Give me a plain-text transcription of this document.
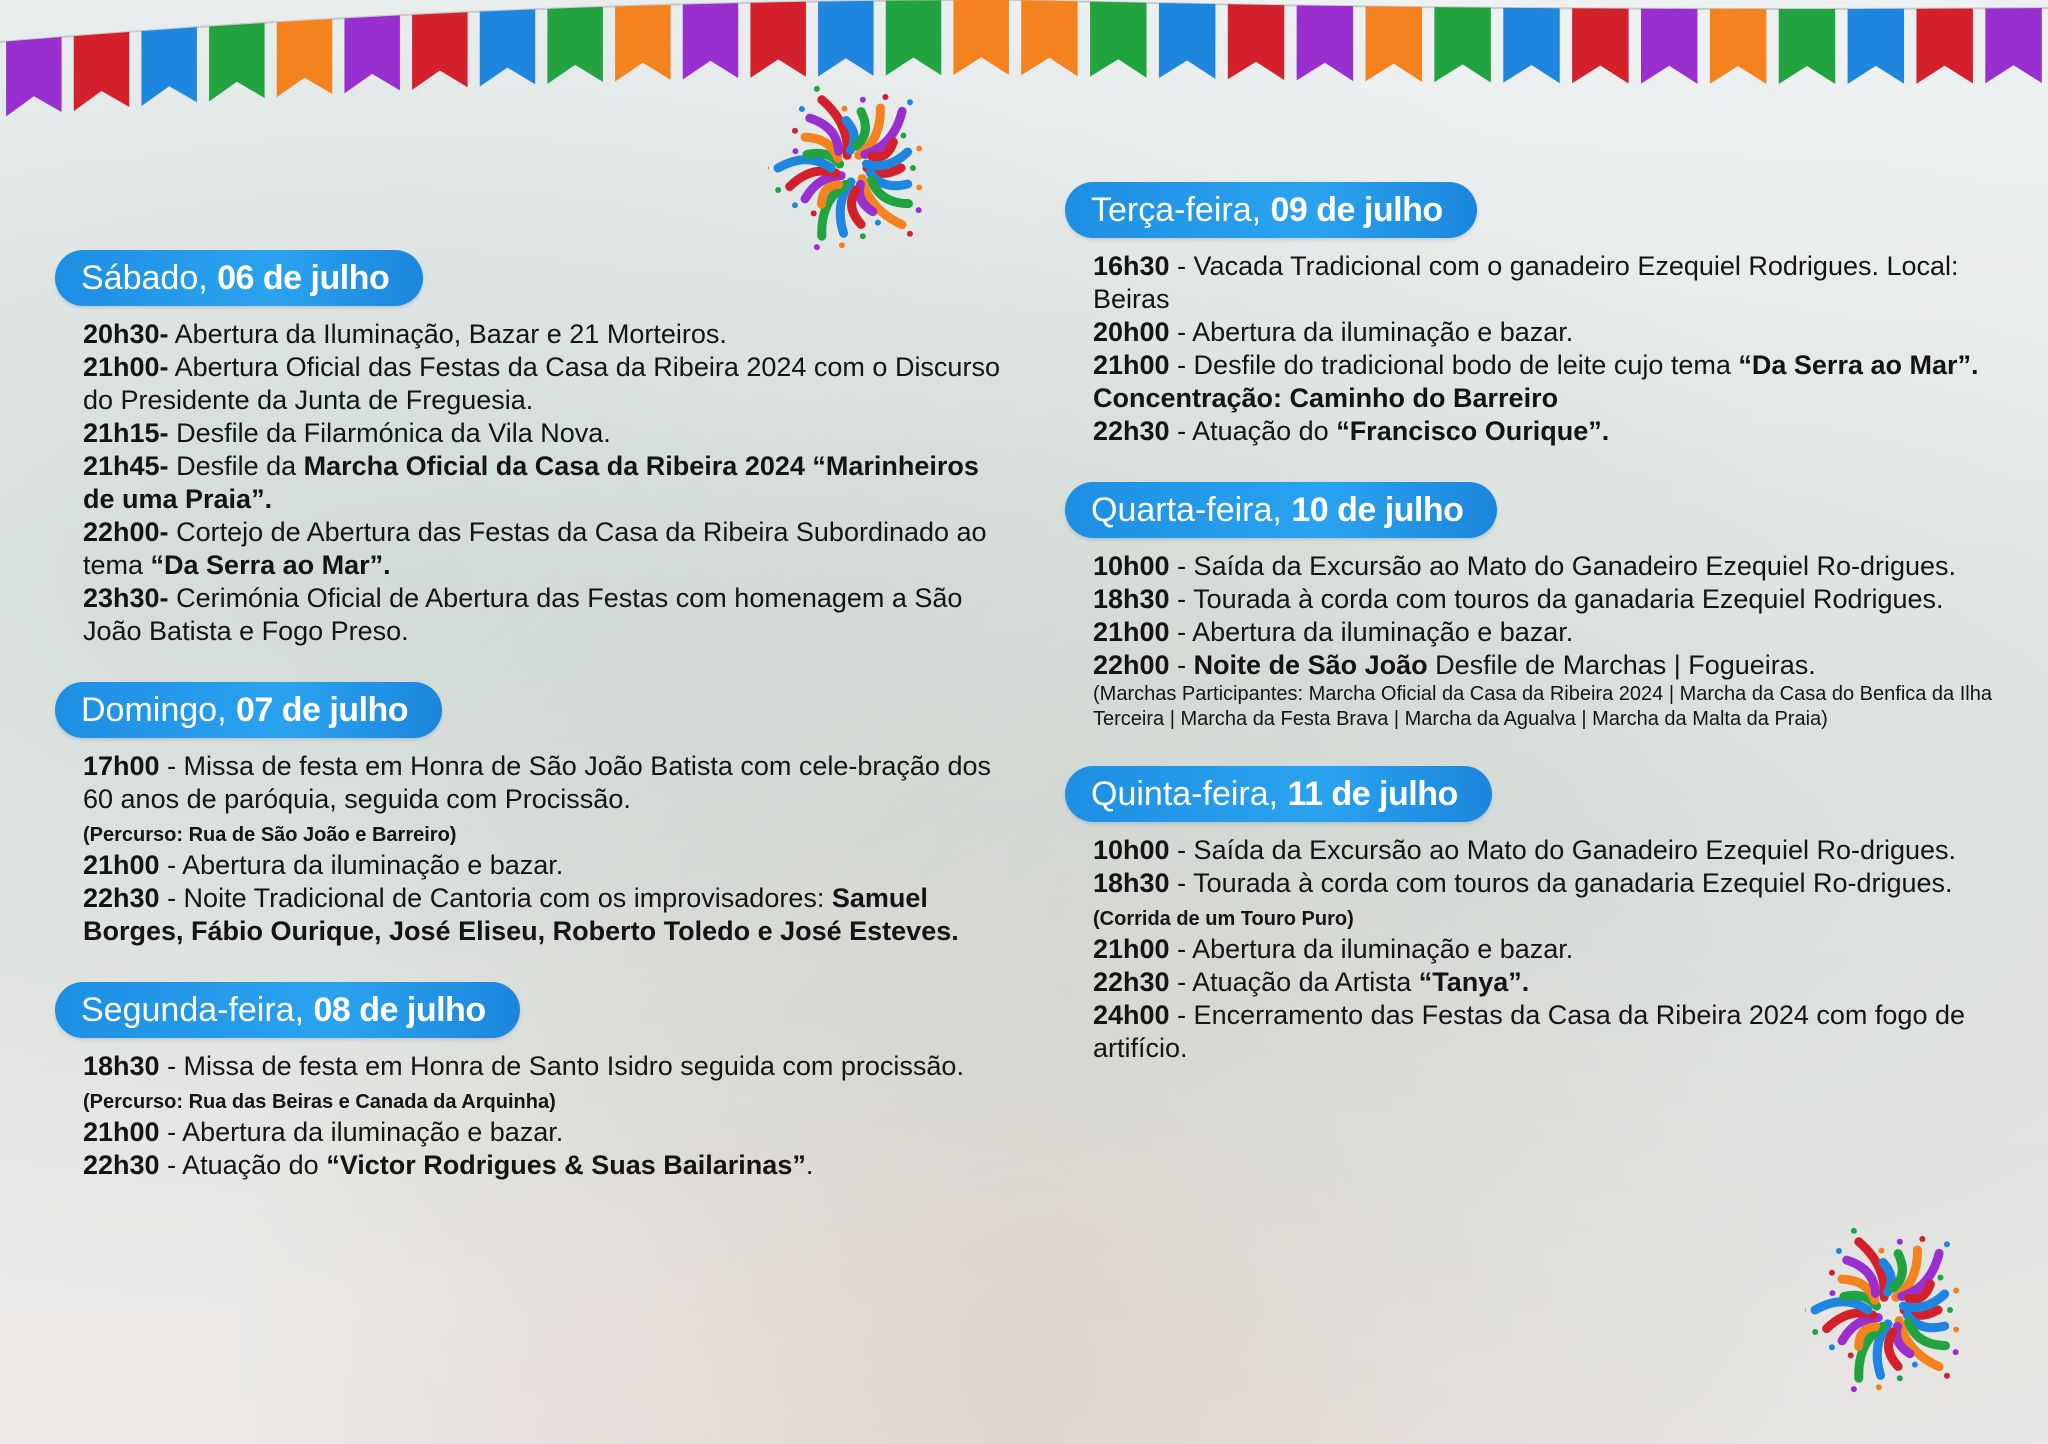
Sábado, 06 de julho

20h30- Abertura da Iluminação, Bazar e 21 Morteiros.

21h00- Abertura Oficial das Festas da Casa da Ribeira 2024 com o Discurso do Presidente da Junta de Freguesia.

21h15- Desfile da Filarmónica da Vila Nova.

21h45- Desfile da Marcha Oficial da Casa da Ribeira 2024 “Marinheiros de uma Praia”.

22h00- Cortejo de Abertura das Festas da Casa da Ribeira Subordinado ao tema “Da Serra ao Mar”.

23h30- Cerimónia Oficial de Abertura das Festas com homenagem a São João Batista e Fogo Preso.

Domingo, 07 de julho

17h00 - Missa de festa em Honra de São João Batista com cele-bração dos 60 anos de paróquia, seguida com Procissão.
(Percurso: Rua de São João e Barreiro)

21h00 - Abertura da iluminação e bazar.

22h30 - Noite Tradicional de Cantoria com os improvisadores: Samuel Borges, Fábio Ourique, José Eliseu, Roberto Toledo e José Esteves.

Segunda-feira, 08 de julho

18h30 - Missa de festa em Honra de Santo Isidro seguida com procissão. (Percurso: Rua das Beiras e Canada da Arquinha)

21h00 - Abertura da iluminação e bazar.

22h30 - Atuação do “Victor Rodrigues & Suas Bailarinas”.

Terça-feira, 09 de julho

16h30 - Vacada Tradicional com o ganadeiro Ezequiel Rodrigues. Local: Beiras

20h00 - Abertura da iluminação e bazar.

21h00 - Desfile do tradicional bodo de leite cujo tema “Da Serra ao Mar”. Concentração: Caminho do Barreiro

22h30 - Atuação do “Francisco Ourique”.

Quarta-feira, 10 de julho

10h00 - Saída da Excursão ao Mato do Ganadeiro Ezequiel Ro-drigues.

18h30 - Tourada à corda com touros da ganadaria Ezequiel Rodrigues.

21h00 - Abertura da iluminação e bazar.

22h00 - Noite de São João Desfile de Marchas | Fogueiras.

(Marchas Participantes: Marcha Oficial da Casa da Ribeira 2024 | Marcha da Casa do Benfica da Ilha Terceira | Marcha da Festa Brava | Marcha da Agualva | Marcha da Malta da Praia)

Quinta-feira, 11 de julho

10h00 - Saída da Excursão ao Mato do Ganadeiro Ezequiel Ro-drigues.

18h30 - Tourada à corda com touros da ganadaria Ezequiel Ro-drigues. (Corrida de um Touro Puro)

21h00 - Abertura da iluminação e bazar.

22h30 - Atuação da Artista “Tanya”.

24h00 - Encerramento das Festas da Casa da Ribeira 2024 com fogo de artifício.
